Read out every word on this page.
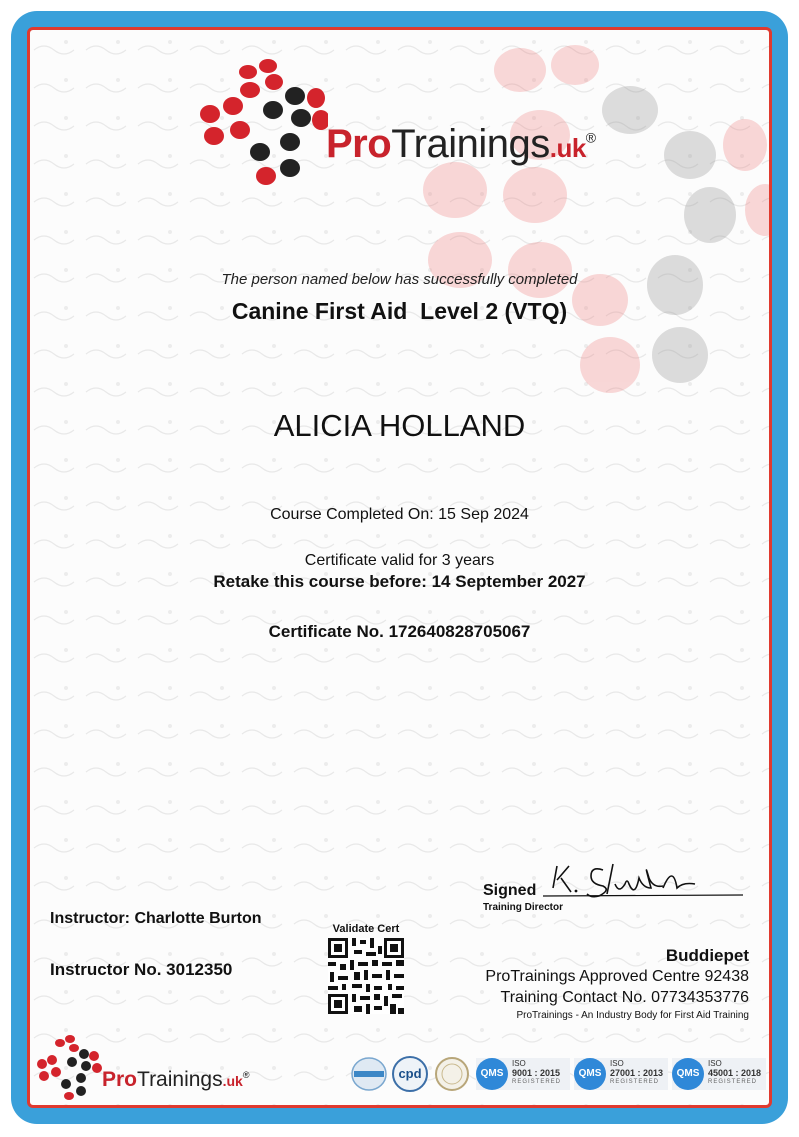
ProTrainings.uk®
The person named below has successfully completed
Canine First Aid  Level 2 (VTQ)
ALICIA HOLLAND
Course Completed On: 15 Sep 2024
Certificate valid for 3 years
Retake this course before: 14 September 2027
Certificate No. 172640828705067
Signed
Training Director
Instructor: Charlotte Burton
Instructor No. 3012350
Validate Cert
Buddiepet
ProTrainings Approved Centre 92438
Training Contact No. 07734353776
ProTrainings - An Industry Body for First Aid Training
ProTrainings.uk®	cpd	QMS
ISO
9001 : 2015
REGISTERED
QMS
ISO
27001 : 2013
REGISTERED
QMS
ISO
45001 : 2018
REGISTERED
